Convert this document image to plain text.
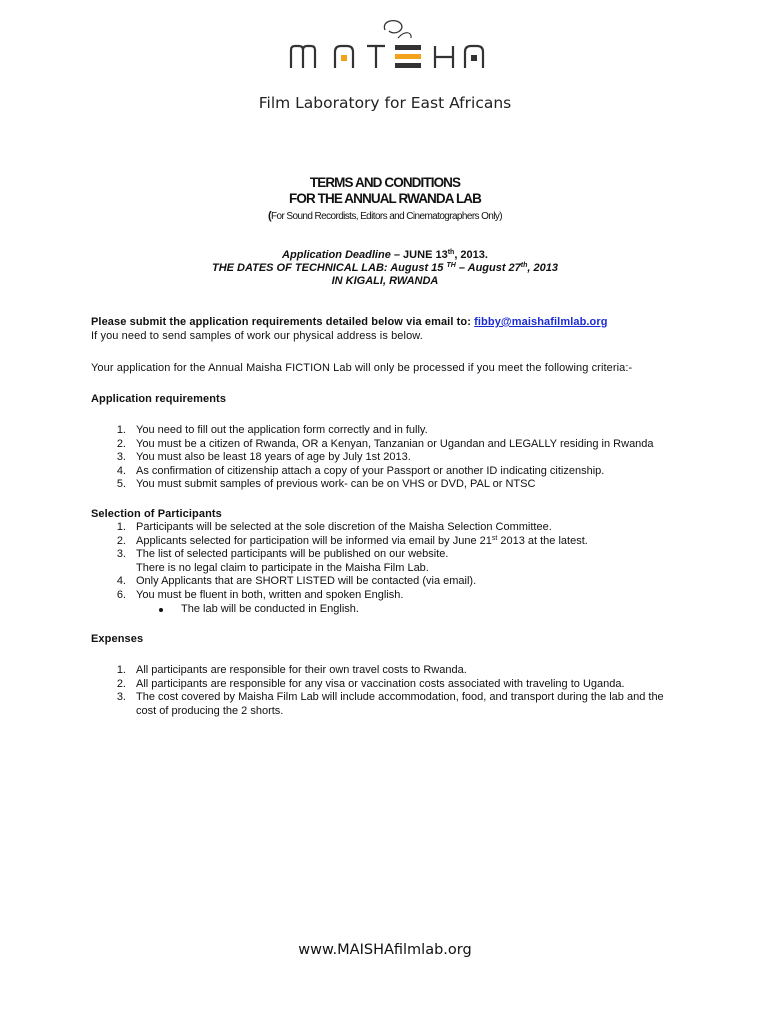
Film Laboratory for East Africans
TERMS AND CONDITIONS
FOR THE ANNUAL RWANDA LAB
(For Sound Recordists, Editors and Cinematographers Only)
Application Deadline – JUNE 13th, 2013.
THE DATES OF TECHNICAL LAB: August 15 $^{TH}$ – August 27th, 2013
IN KIGALI, RWANDA
Please submit the application requirements detailed below via email to: fibby@maishafilmlab.org
If you need to send samples of work our physical address is below.
Your application for the Annual Maisha FICTION Lab will only be processed if you meet the following criteria:-
Application requirements
1. You need to fill out the application form correctly and in fully.
2. You must be a citizen of Rwanda, OR a Kenyan, Tanzanian or Ugandan and LEGALLY residing in Rwanda
3. You must also be least 18 years of age by July 1st 2013.
4. As confirmation of citizenship attach a copy of your Passport or another ID indicating citizenship.
5. You must submit samples of previous work- can be on VHS or DVD, PAL or NTSC
Selection of Participants
1. Participants will be selected at the sole discretion of the Maisha Selection Committee.
2. Applicants selected for participation will be informed via email by June 21st 2013 at the latest.
3. The list of selected participants will be published on our website.
There is no legal claim to participate in the Maisha Film Lab.
4. Only Applicants that are SHORT LISTED will be contacted (via email).
6. You must be fluent in both, written and spoken English.
The lab will be conducted in English.
Expenses
1. All participants are responsible for their own travel costs to Rwanda.
2. All participants are responsible for any visa or vaccination costs associated with traveling to Uganda.
3. The cost covered by Maisha Film Lab will include accommodation, food, and transport during the lab and the
cost of producing the 2 shorts.
www.MAISHAfilmlab.org
